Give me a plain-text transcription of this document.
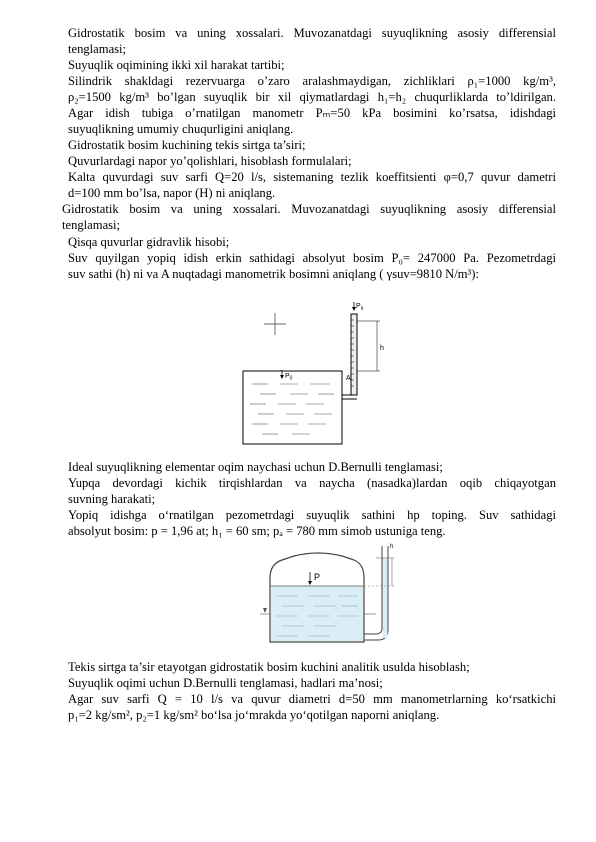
Gidrostatik bosim va uning xossalari. Muvozanatdagi suyuqlikning asosiy differensial
tenglamasi;
Suyuqlik oqimining ikki xil harakat tartibi;
Silindrik shakldagi rezervuarga o’zaro aralashmaydigan, zichliklari ρ₁=1000 kg/m³,
ρ₂=1500 kg/m³ bo’lgan suyuqlik bir xil qiymatlardagi h₁=h₂ chuqurliklarda to’ldirilgan.
Agar idish tubiga o’rnatilgan manometr Pₘ=50 kPa bosimini ko’rsatsa, idishdagi
suyuqlikning umumiy chuqurligini aniqlang.
Gidrostatik bosim kuchining tekis sirtga ta’siri;
Quvurlardagi napor yo’qolishlari, hisoblash formulalari;
Kalta quvurdagi suv sarfi Q=20 l/s, sistemaning tezlik koeffitsienti φ=0,7 quvur dametri
d=100 mm bo’lsa, napor (H) ni aniqlang.
Gidrostatik bosim va uning xossalari. Muvozanatdagi suyuqlikning asosiy differensial
tenglamasi;
Qisqa quvurlar gidravlik hisobi;
Suv quyilgan yopiq idish erkin sathidagi absolyut bosim P₀= 247000 Pa. Pezometrdagi
suv sathi (h) ni va A nuqtadagi manometrik bosimni aniqlang ( γsuv=9810 N/m³):
$P_0$
$P_a$
h
A
Ideal suyuqlikning elementar oqim naychasi uchun D.Bernulli tenglamasi;
Yupqa devordagi kichik tirqishlardan va naycha (nasadka)lardan oqib chiqayotgan
suvning harakati;
Yopiq idishga o‘rnatilgan pezometrdagi suyuqlik sathini hp toping. Suv sathidagi
absolyut bosim: p = 1,96 at; h₁ = 60 sm; pₐ = 780 mm simob ustuniga teng.
P
h
Tekis sirtga ta’sir etayotgan gidrostatik bosim kuchini analitik usulda hisoblash;
Suyuqlik oqimi uchun D.Bernulli tenglamasi, hadlari ma’nosi;
Agar suv sarfi Q = 10 l/s va quvur diametri d=50 mm manometrlarning ko‘rsatkichi
p₁=2 kg/sm², p₂=1 kg/sm² bo‘lsa jo‘mrakda yo‘qotilgan naporni aniqlang.
